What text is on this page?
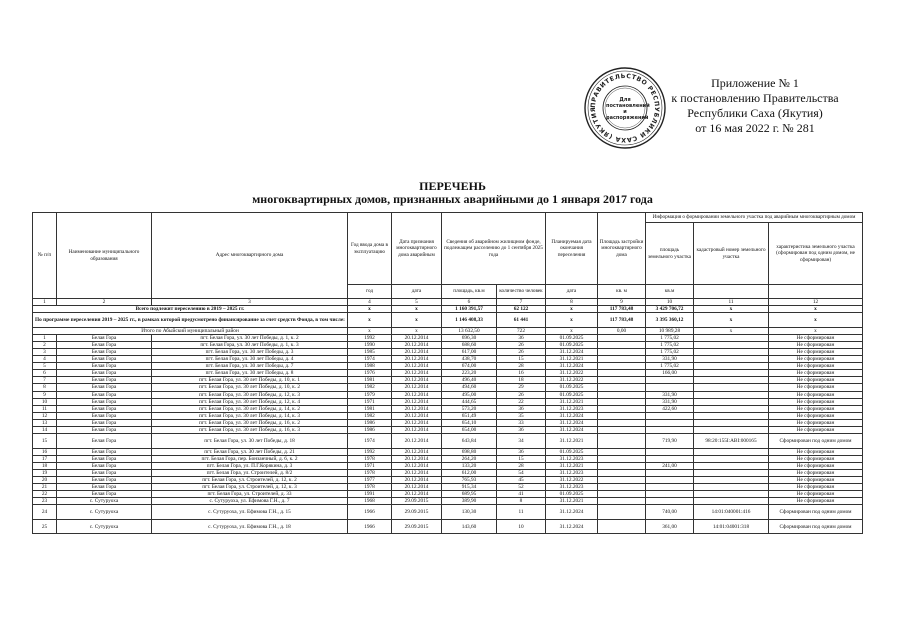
ПРАВИТЕЛЬСТВО РЕСПУБЛИКИ САХА (ЯКУТИЯ
Для постановлений и распоряжений
Приложение № 1
к постановлению Правительства
Республики Саха (Якутия)
от 16 мая 2022 г. № 281
ПЕРЕЧЕНЬ
многоквартирных домов, признанных аварийными до 1 января 2017 года
№ п/п	Наименование муниципального образования	Адрес многоквартирного дома	Год ввода дома в эксплуатацию	Дата признания многоквартирного дома аварийным	Сведения об аварийном жилищном фонде, подлежащем расселению до 1 сентября 2025 года		Планируемая дата окончания переселения	Площадь застройки многоквартирного дома	Информация о формировании земельного участка под аварийным многоквартирным домом		
									площадь земельного участка	кадастровый номер земельного участка	характеристика земельного участка (сформирован под одним домом, не сформирован)
			год	дата	площадь, кв.м	количество человек	дата	кв. м	кв.м		
1	2	3	4	5	6	7	8	9	10	11	12
Всего подлежит переселению в 2019 – 2025 гг.			х	х	1 160 391,57	62 122	х	117 783,48	3 429 706,72	х	х
По программе переселения 2019 – 2025 гг., в рамках которой предусмотрено финансирование за счет средств Фонда, в том числе:			х	х	1 146 408,33	61 441	х	117 783,48	3 395 360,12	х	х
Итого по Абыйский муниципальный район			х	х	13 632,50	722	х	0,00	10 989,28	х	х
1	Белая Гора	пгт. Белая Гора, ул. 30 лет Победы, д. 1, к. 2	1992	20.12.2014	696,30	36	01.09.2025		1 775,02		Не сформирован
2	Белая Гора	пгт. Белая Гора, ул. 30 лет Победы, д. 1, к. 3	1990	20.12.2014	688,60	26	01.09.2025		1 775,02		Не сформирован
3	Белая Гора	пгт. Белая Гора, ул. 30 лет Победы, д. 3	1985	20.12.2014	617,00	26	31.12.2024		1 775,02		Не сформирован
4	Белая Гора	пгт. Белая Гора, ул. 30 лет Победы, д. 4	1974	20.12.2014	438,70	15	31.12.2021		331,90		Не сформирован
5	Белая Гора	пгт. Белая Гора, ул. 30 лет Победы, д. 7	1988	20.12.2014	674,00	28	31.12.2024		1 775,02		Не сформирован
6	Белая Гора	пгт. Белая Гора, ул. 30 лет Победы, д. 8	1976	20.12.2014	223,20	16	31.12.2022		166,00		Не сформирован
7	Белая Гора	пгт. Белая Гора, ул. 30 лет Победы, д. 10, к. 1	1981	20.12.2014	496,40	18	31.12.2022				Не сформирован
8	Белая Гора	пгт. Белая Гора, ул. 30 лет Победы, д. 10, к. 2	1982	20.12.2014	494,60	29	01.09.2025				Не сформирован
9	Белая Гора	пгт. Белая Гора, ул. 30 лет Победы, д. 12, к. 3	1979	20.12.2014	495,00	26	01.09.2025		331,90		Не сформирован
10	Белая Гора	пгт. Белая Гора, ул. 30 лет Победы, д. 12, к. 4	1971	20.12.2014	444,65	22	31.12.2021		331,90		Не сформирован
11	Белая Гора	пгт. Белая Гора, ул. 30 лет Победы, д. 14, к. 2	1981	20.12.2014	573,20	36	31.12.2023		422,60		Не сформирован
12	Белая Гора	пгт. Белая Гора, ул. 30 лет Победы, д. 14, к. 3	1982	20.12.2014	651,49	35	31.12.2024				Не сформирован
13	Белая Гора	пгт. Белая Гора, ул. 30 лет Победы, д. 16, к. 2	1986	20.12.2014	654,10	33	31.12.2024				Не сформирован
14	Белая Гора	пгт. Белая Гора, ул. 30 лет Победы, д. 16, к. 3	1986	20.12.2014	654,00	36	31.12.2024				Не сформирован
15	Белая Гора	пгт. Белая Гора, ул. 30 лет Победы, д. 18	1974	20.12.2014	643,84	34	31.12.2021		719,90	98:20:155I:ABI:000165	Сформирован под одним домом
16	Белая Гора	пгт. Белая Гора, ул. 30 лет Победы, д. 21	1992	20.12.2014	698,80	36	01.09.2025				Не сформирован
17	Белая Гора	пгт. Белая Гора, пер. Бонзанчный, д. 6, к. 2	1978	20.12.2014	264,20	15	31.12.2023				Не сформирован
18	Белая Гора	пгт. Белая Гора, ул. П.Г.Корякина, д. 3	1971	20.12.2014	133,20	28	31.12.2021		241,00		Не сформирован
19	Белая Гора	пгт. Белая Гора, ул. Строителей, д. 8/2	1978	20.12.2014	612,00	54	31.12.2023				Не сформирован
20	Белая Гора	пгт. Белая Гора, ул. Строителей, д. 12, к. 2	1977	20.12.2014	765,93	45	31.12.2022				Не сформирован
21	Белая Гора	пгт. Белая Гора, ул. Строителей, д. 12, к. 3	1978	20.12.2014	915,34	52	31.12.2023				Не сформирован
22	Белая Гора	пгт. Белая Гора, ул. Строителей, д. 33	1991	20.12.2014	689,95	41	01.09.2025				Не сформирован
23	с. Сутуруоха	с. Сутуруоха, ул. Ефимова Г.Н., д. 7	1968	29.09.2015	389,90	8	31.12.2021				Не сформирован
24	с. Сутуруоха	с. Сутуруоха, ул. Ефимова Г.Н., д. 15	1966	29.09.2015	130,30	11	31.12.2024		740,00	14:01:040001:416	Сформирован под одним домом
25	с. Сутуруоха	с. Сутуруоха, ул. Ефимова Г.Н., д. 18	1966	29.09.2015	143,60	10	31.12.2024		361,00	14:01:04001:318	Сформирован под одним домом
